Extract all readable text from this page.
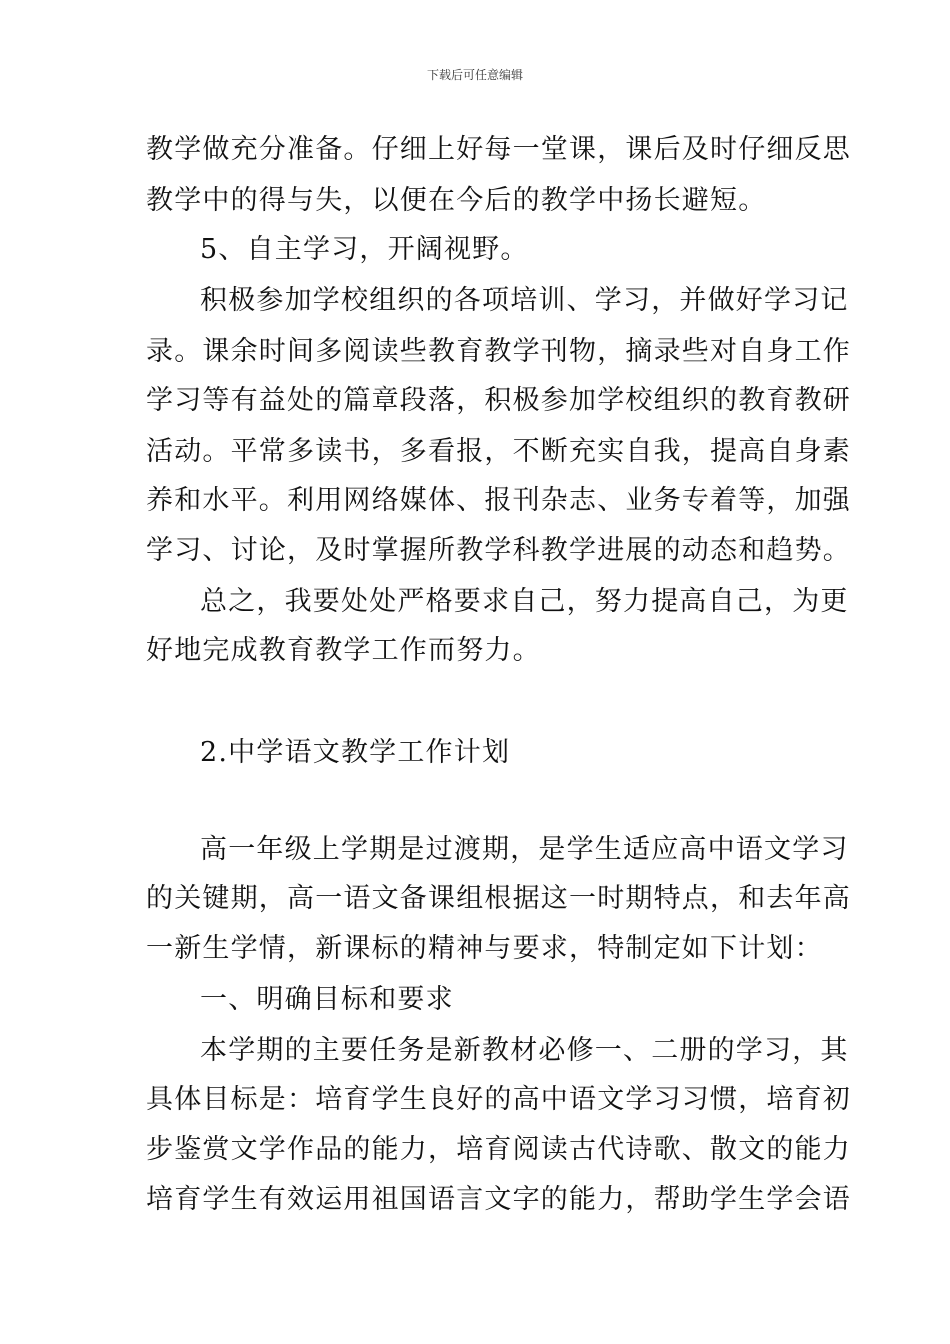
下载后可任意编辑
教学做充分准备。仔细上好每一堂课，课后及时仔细反思
教学中的得与失，以便在今后的教学中扬长避短。
5、自主学习，开阔视野。
积极参加学校组织的各项培训、学习，并做好学习记
录。课余时间多阅读些教育教学刊物，摘录些对自身工作
学习等有益处的篇章段落，积极参加学校组织的教育教研
活动。平常多读书，多看报，不断充实自我，提高自身素
养和水平。利用网络媒体、报刊杂志、业务专着等，加强
学习、讨论，及时掌握所教学科教学进展的动态和趋势。
总之，我要处处严格要求自己，努力提高自己，为更
好地完成教育教学工作而努力。
2.中学语文教学工作计划
高一年级上学期是过渡期，是学生适应高中语文学习
的关键期，高一语文备课组根据这一时期特点，和去年高
一新生学情，新课标的精神与要求，特制定如下计划：
一、明确目标和要求
本学期的主要任务是新教材必修一、二册的学习，其
具体目标是：培育学生良好的高中语文学习习惯，培育初
步鉴赏文学作品的能力，培育阅读古代诗歌、散文的能力
培育学生有效运用祖国语言文字的能力，帮助学生学会语
